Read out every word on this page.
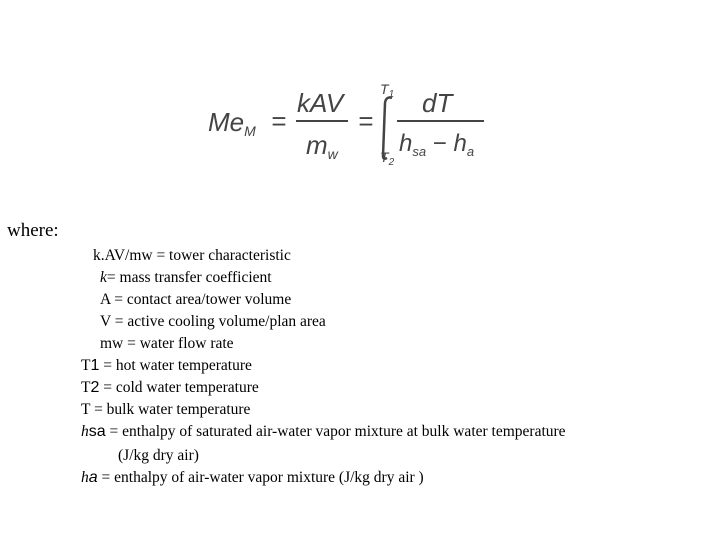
MeM =
kAV
mw
=
$T_1$
$T_2$
dT
$h_{sa} - h_a$
where:
k.AV/mw = tower characteristic
k= mass transfer coefficient
A = contact area/tower volume
V = active cooling volume/plan area
mw = water flow rate
T1 = hot water temperature
T2 = cold water temperature
T = bulk water temperature
hsa = enthalpy of saturated air-water vapor mixture at bulk water temperature
(J/kg dry air)
ha = enthalpy of air-water vapor mixture (J/kg dry air )
